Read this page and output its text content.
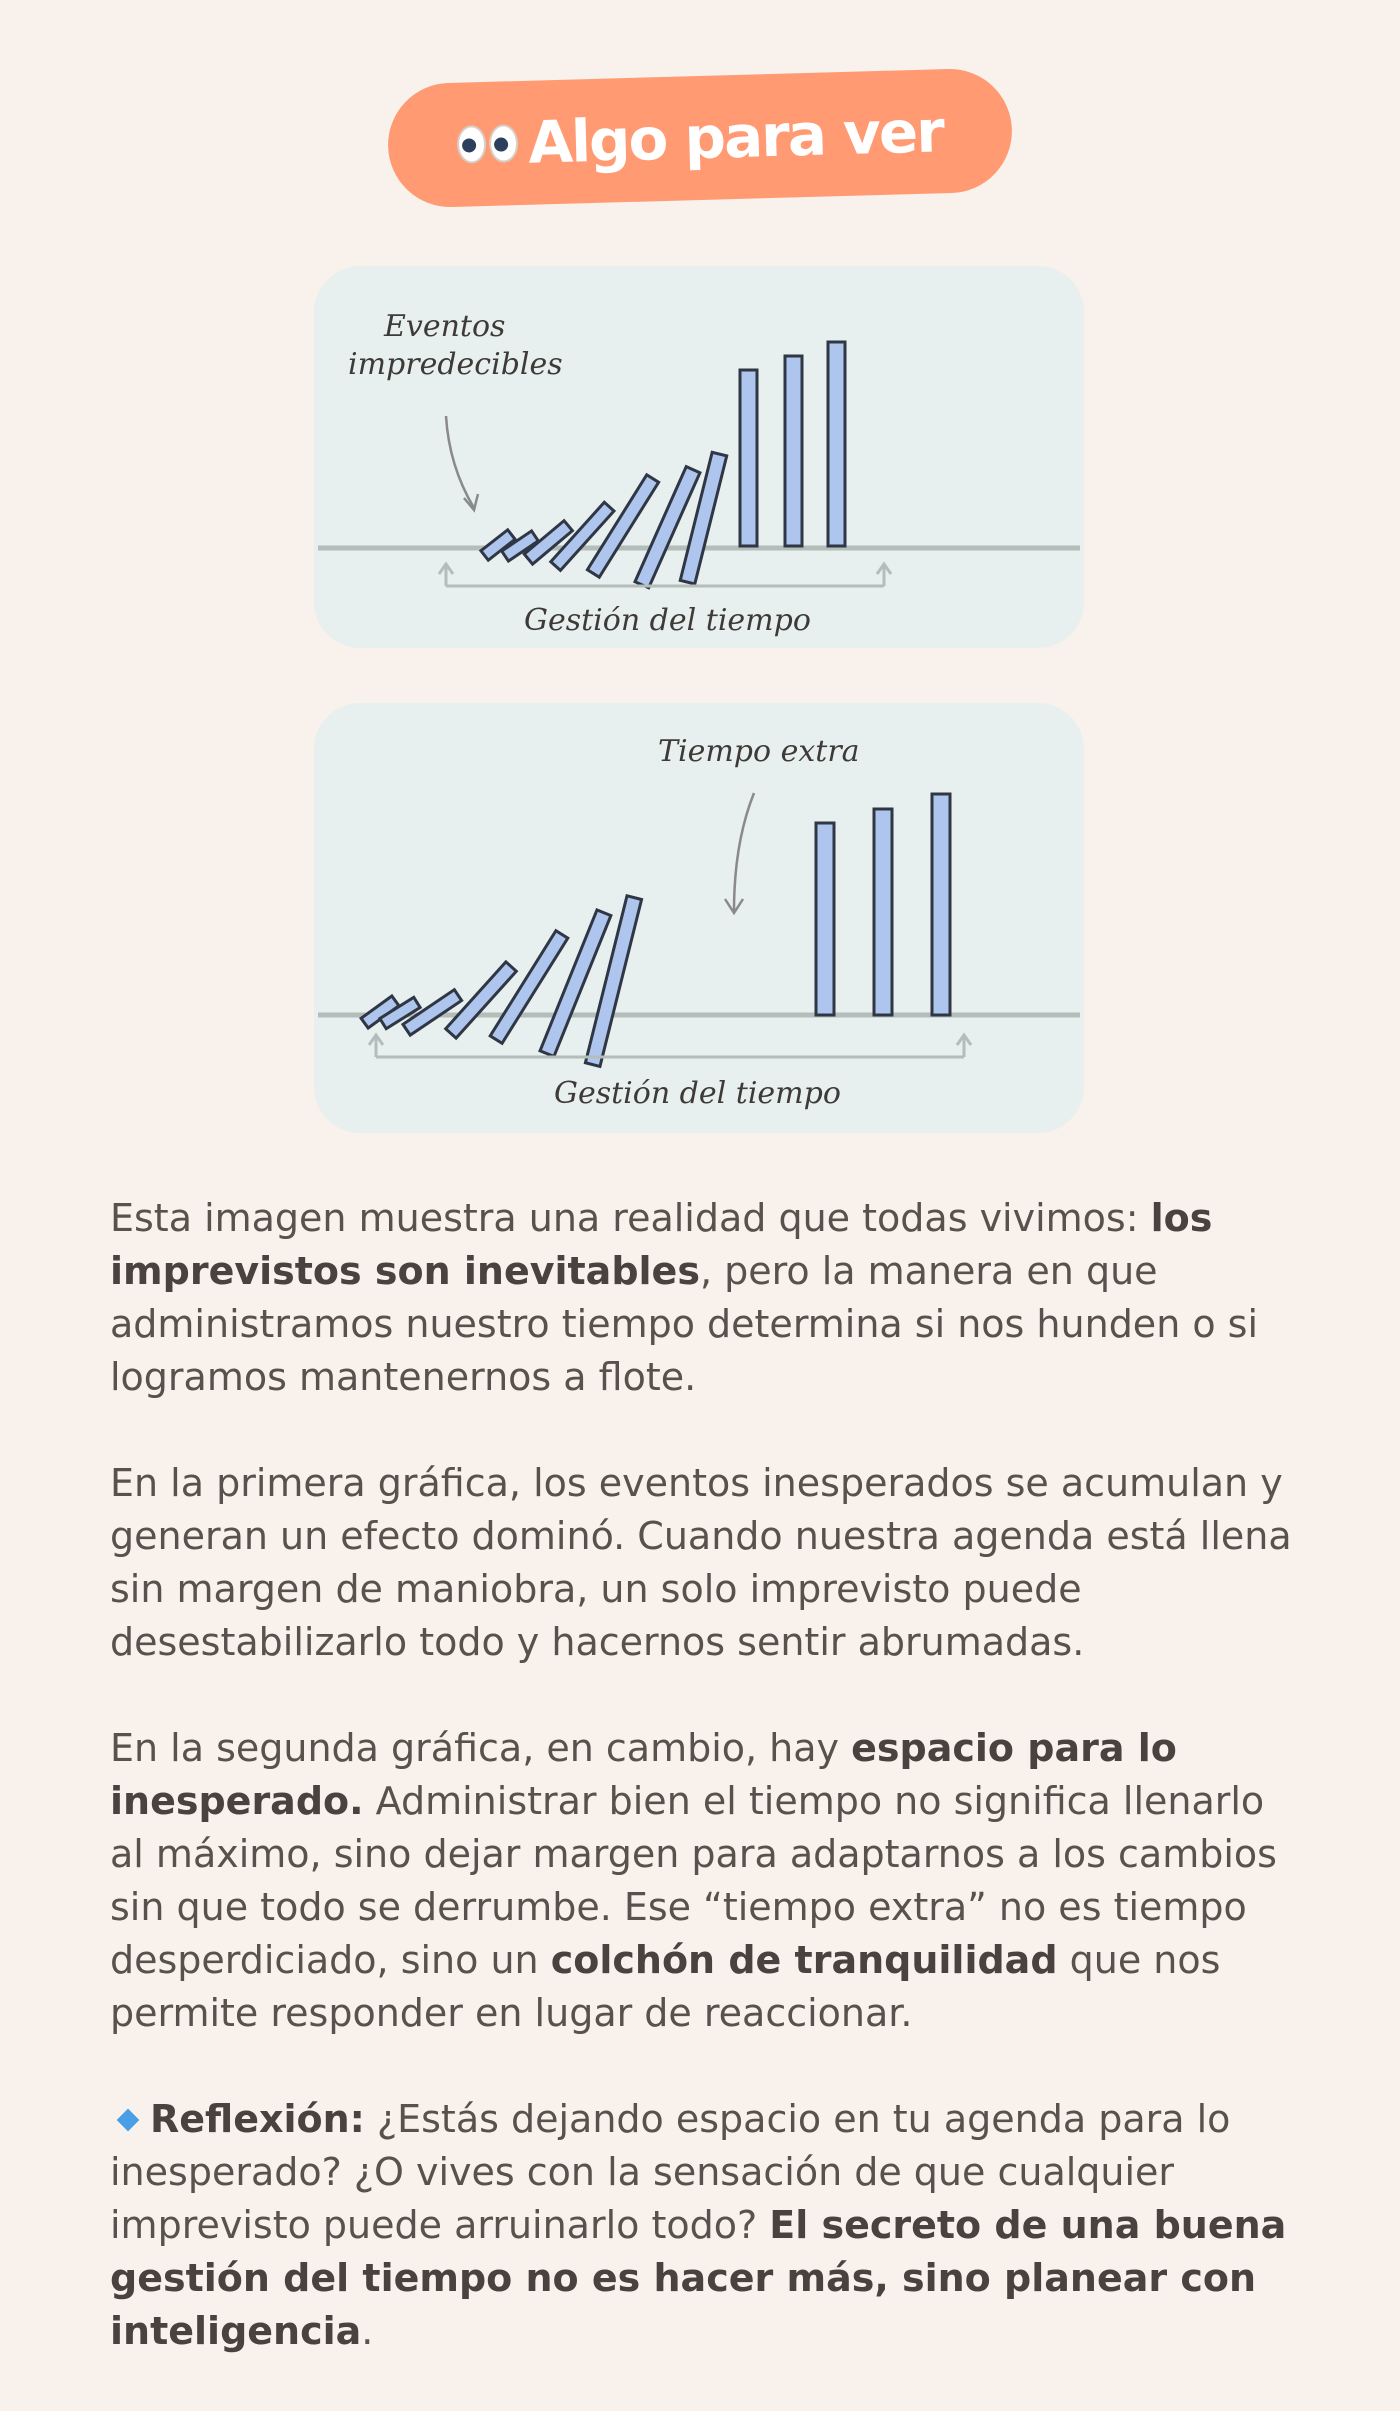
Algo para ver
Eventos
impredecibles
Gestión del tiempo
Tiempo extra
Gestión del tiempo

Esta imagen muestra una realidad que todas vivimos: los imprevistos son inevitables, pero la manera en que administramos nuestro tiempo determina si nos hunden o si logramos mantenernos a flote.

En la primera gráfica, los eventos inesperados se acumulan y generan un efecto dominó. Cuando nuestra agenda está llena sin margen de maniobra, un solo imprevisto puede desestabilizarlo todo y hacernos sentir abrumadas.

En la segunda gráfica, en cambio, hay espacio para lo inesperado. Administrar bien el tiempo no significa llenarlo al máximo, sino dejar margen para adaptarnos a los cambios sin que todo se derrumbe. Ese “tiempo extra” no es tiempo desperdiciado, sino un colchón de tranquilidad que nos permite responder en lugar de reaccionar.

Reflexión: ¿Estás dejando espacio en tu agenda para lo inesperado? ¿O vives con la sensación de que cualquier imprevisto puede arruinarlo todo? El secreto de una buena gestión del tiempo no es hacer más, sino planear con inteligencia.
